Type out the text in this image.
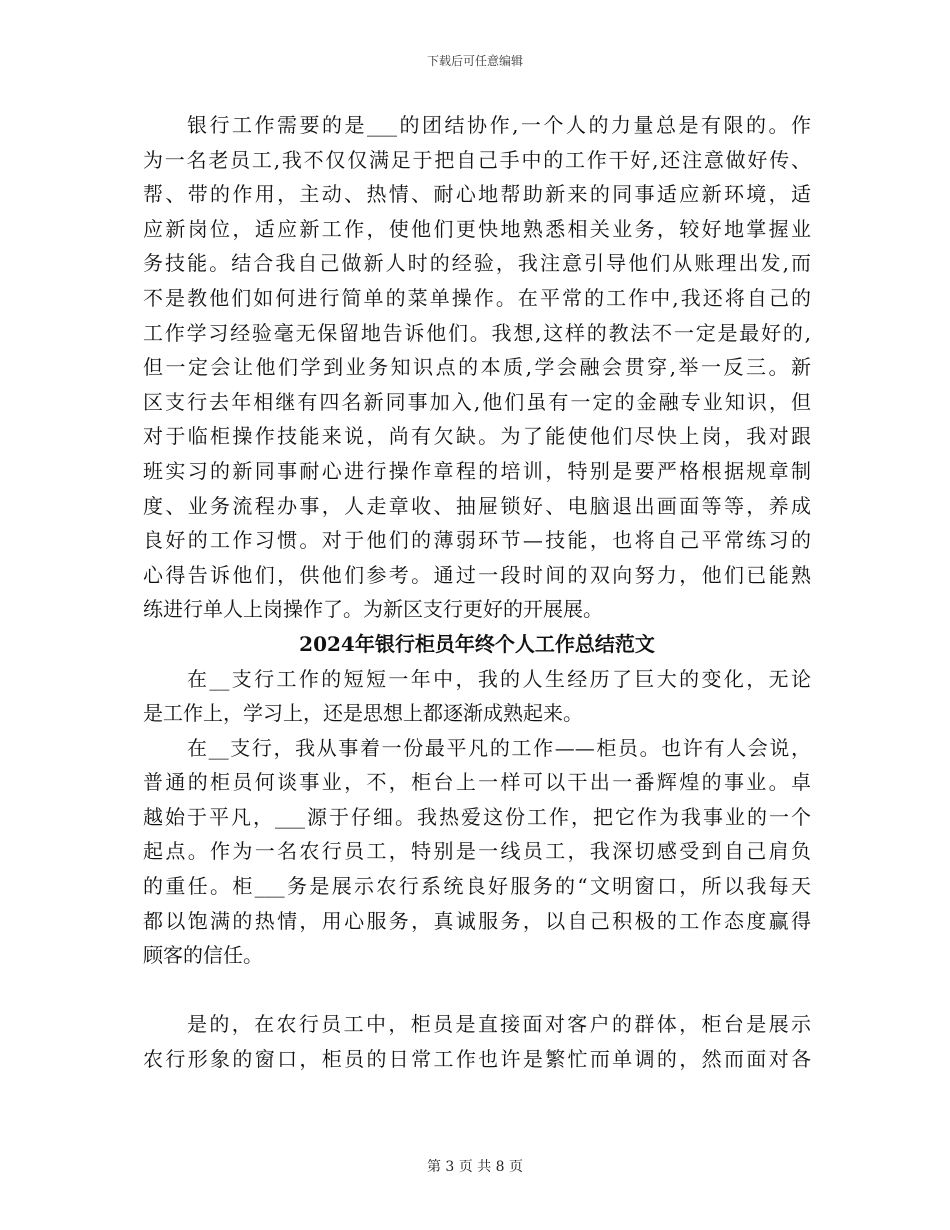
下载后可任意编辑
银行工作需要的是___的团结协作,一个人的力量总是有限的。作
为一名老员工,我不仅仅满足于把自己手中的工作干好,还注意做好传、
帮、带的作用，主动、热情、耐心地帮助新来的同事适应新环境，适
应新岗位，适应新工作，使他们更快地熟悉相关业务，较好地掌握业
务技能。结合我自己做新人时的经验，我注意引导他们从账理出发,而
不是教他们如何进行简单的菜单操作。在平常的工作中,我还将自己的
工作学习经验毫无保留地告诉他们。我想,这样的教法不一定是最好的,
但一定会让他们学到业务知识点的本质,学会融会贯穿,举一反三。新
区支行去年相继有四名新同事加入,他们虽有一定的金融专业知识，但
对于临柜操作技能来说，尚有欠缺。为了能使他们尽快上岗，我对跟
班实习的新同事耐心进行操作章程的培训，特别是要严格根据规章制
度、业务流程办事，人走章收、抽屉锁好、电脑退出画面等等，养成
良好的工作习惯。对于他们的薄弱环节—技能，也将自己平常练习的
心得告诉他们，供他们参考。通过一段时间的双向努力，他们已能熟
练进行单人上岗操作了。为新区支行更好的开展展。
2024年银行柜员年终个人工作总结范文
在__支行工作的短短一年中，我的人生经历了巨大的变化，无论
是工作上，学习上，还是思想上都逐渐成熟起来。
在__支行，我从事着一份最平凡的工作——柜员。也许有人会说，
普通的柜员何谈事业，不，柜台上一样可以干出一番辉煌的事业。卓
越始于平凡，___源于仔细。我热爱这份工作，把它作为我事业的一个
起点。作为一名农行员工，特别是一线员工，我深切感受到自己肩负
的重任。柜___务是展示农行系统良好服务的“文明窗口，所以我每天
都以饱满的热情，用心服务，真诚服务，以自己积极的工作态度赢得
顾客的信任。
是的，在农行员工中，柜员是直接面对客户的群体，柜台是展示
农行形象的窗口，柜员的日常工作也许是繁忙而单调的，然而面对各
第 3 页 共 8 页
